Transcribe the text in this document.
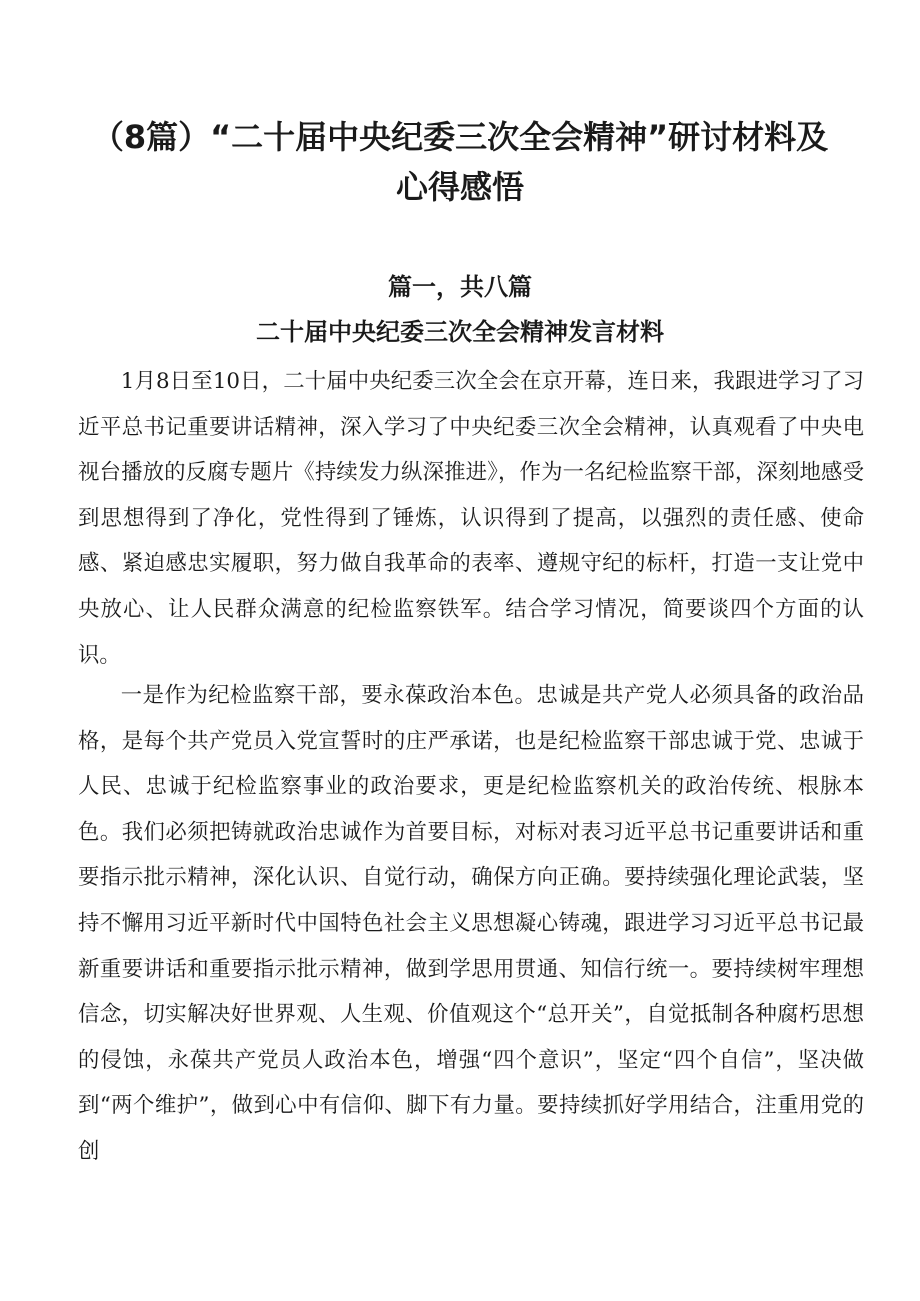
（8篇）“二十届中央纪委三次全会精神”研讨材料及
心得感悟
篇一，共八篇
二十届中央纪委三次全会精神发言材料

1月8日至10日，二十届中央纪委三次全会在京开幕，连日来，我跟进学习了习近平总书记重要讲话精神，深入学习了中央纪委三次全会精神，认真观看了中央电视台播放的反腐专题片《持续发力纵深推进》，作为一名纪检监察干部，深刻地感受到思想得到了净化，党性得到了锤炼，认识得到了提高，以强烈的责任感、使命感、紧迫感忠实履职，努力做自我革命的表率、遵规守纪的标杆，打造一支让党中央放心、让人民群众满意的纪检监察铁军。结合学习情况，简要谈四个方面的认识。

一是作为纪检监察干部，要永葆政治本色。忠诚是共产党人必须具备的政治品格，是每个共产党员入党宣誓时的庄严承诺，也是纪检监察干部忠诚于党、忠诚于人民、忠诚于纪检监察事业的政治要求，更是纪检监察机关的政治传统、根脉本色。我们必须把铸就政治忠诚作为首要目标，对标对表习近平总书记重要讲话和重要指示批示精神，深化认识、自觉行动，确保方向正确。要持续强化理论武装，坚持不懈用习近平新时代中国特色社会主义思想凝心铸魂，跟进学习习近平总书记最新重要讲话和重要指示批示精神，做到学思用贯通、知信行统一。要持续树牢理想信念，切实解决好世界观、人生观、价值观这个“总开关”，自觉抵制各种腐朽思想的侵蚀，永葆共产党员人政治本色，增强“四个意识”，坚定“四个自信”，坚决做到“两个维护”，做到心中有信仰、脚下有力量。要持续抓好学用结合，注重用党的创
